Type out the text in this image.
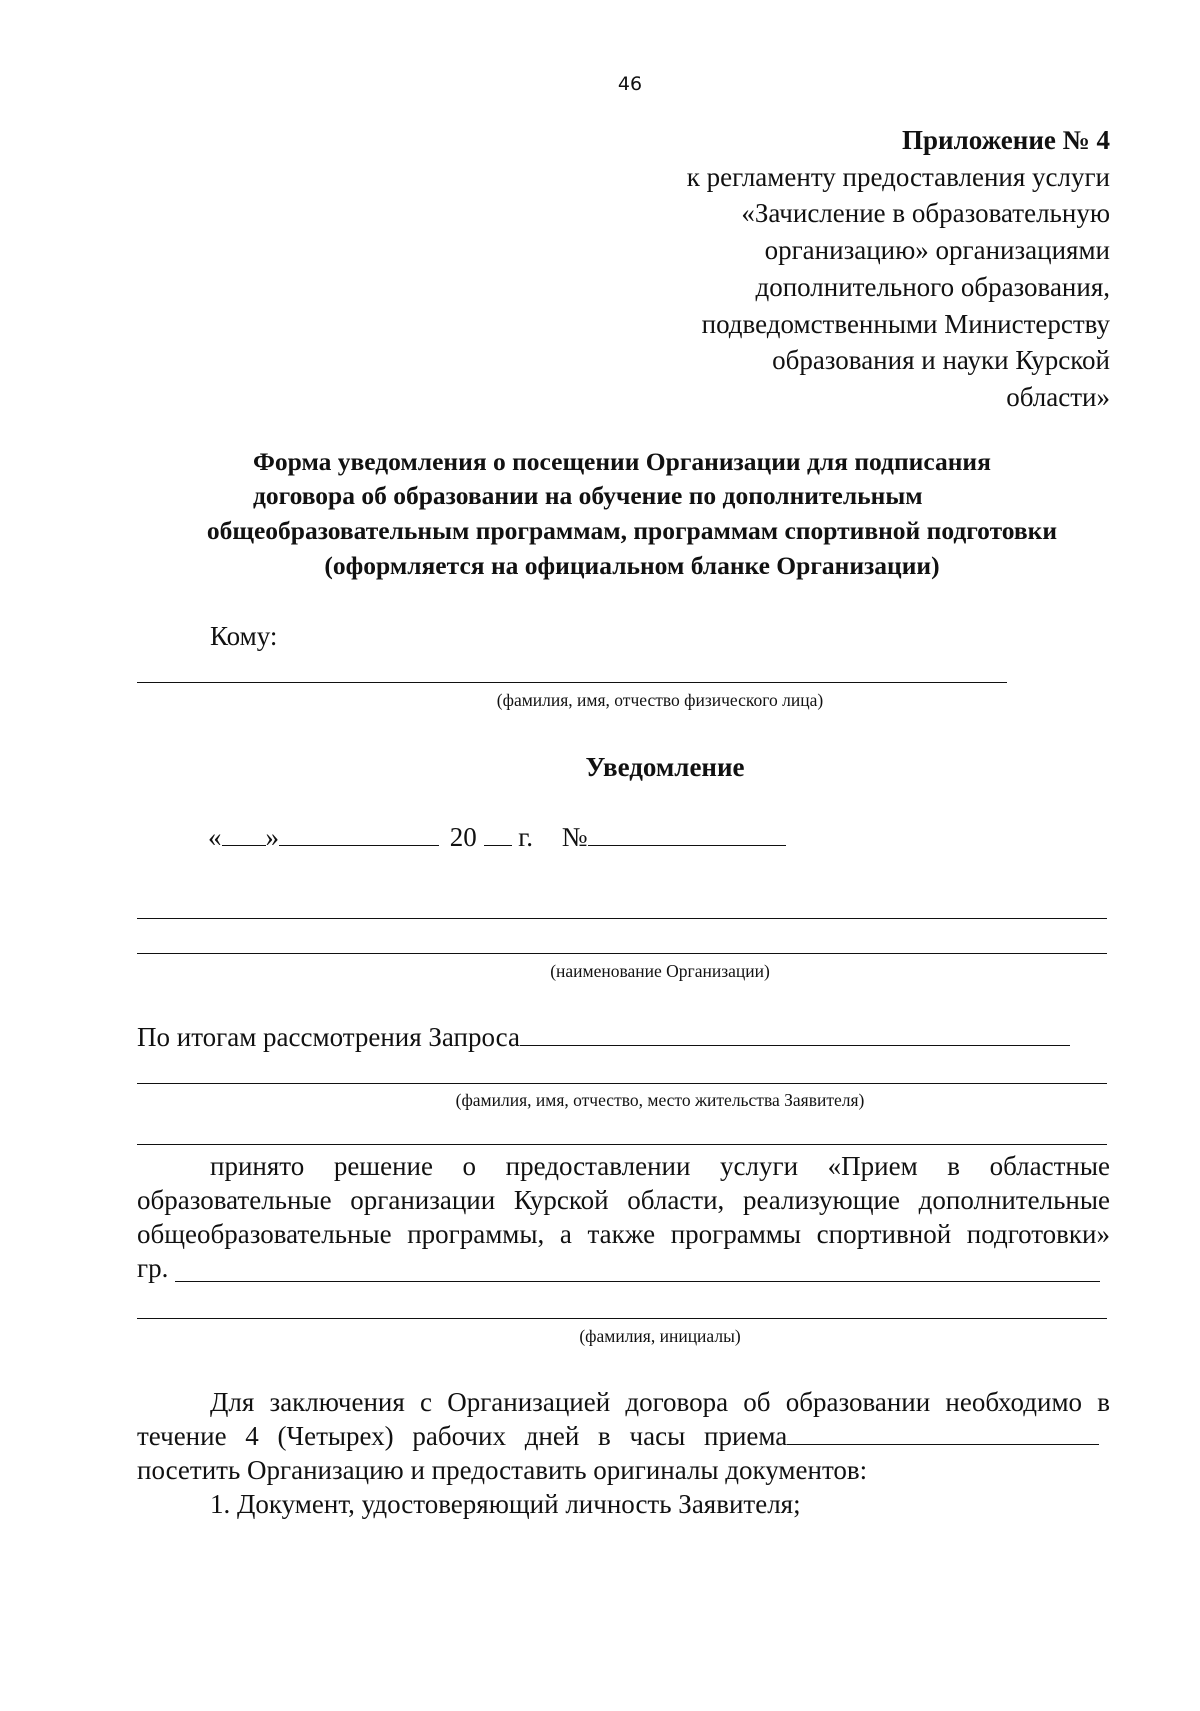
46
Приложение № 4
к регламенту предоставления услуги
«Зачисление в образовательную
организацию» организациями
дополнительного образования,
подведомственными Министерству
образования и науки Курской
области»
Форма уведомления о посещении Организации для подписания
договора об образовании на обучение по дополнительным
общеобразовательным программам, программам спортивной подготовки
(оформляется на официальном бланке Организации)
Кому:
(фамилия, имя, отчество физического лица)
Уведомление
« »	20 г. №
(наименование Организации)
По итогам рассмотрения Запроса
(фамилия, имя, отчество, место жительства Заявителя)
принято решение о предоставлении услуги «Прием в областные
образовательные организации Курской области, реализующие дополнительные
общеобразовательные программы, а также программы спортивной подготовки»
гр.
(фамилия, инициалы)
Для заключения с Организацией договора об образовании необходимо в
течение 4 (Четырех) рабочих дней в часы приема
посетить Организацию и предоставить оригиналы документов:
1. Документ, удостоверяющий личность Заявителя;
